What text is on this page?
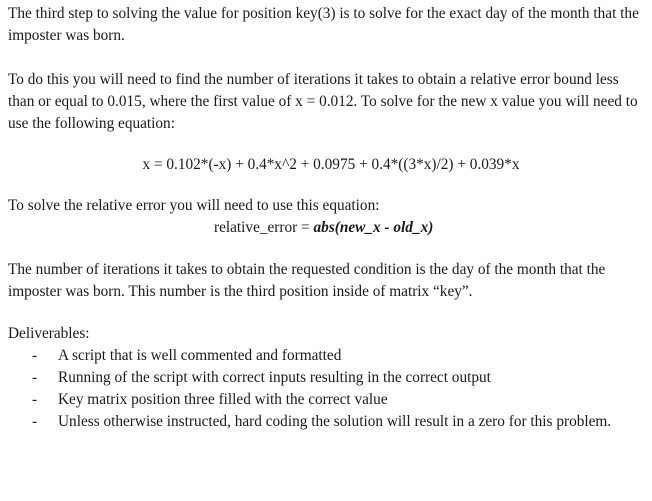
The third step to solving the value for position key(3) is to solve for the exact day of the month that the imposter was born.

To do this you will need to find the number of iterations it takes to obtain a relative error bound less than or equal to 0.015, where the first value of x = 0.012. To solve for the new x value you will need to use the following equation:

x = 0.102*(-x) + 0.4*x^2 + 0.0975 + 0.4*((3*x)/2) + 0.039*x

To solve the relative error you will need to use this equation:

relative_error = abs(new_x - old_x)

The number of iterations it takes to obtain the requested condition is the day of the month that the imposter was born. This number is the third position inside of matrix “key”.

Deliverables:

- A script that is well commented and formatted
- Running of the script with correct inputs resulting in the correct output
- Key matrix position three filled with the correct value
- Unless otherwise instructed, hard coding the solution will result in a zero for this problem.
